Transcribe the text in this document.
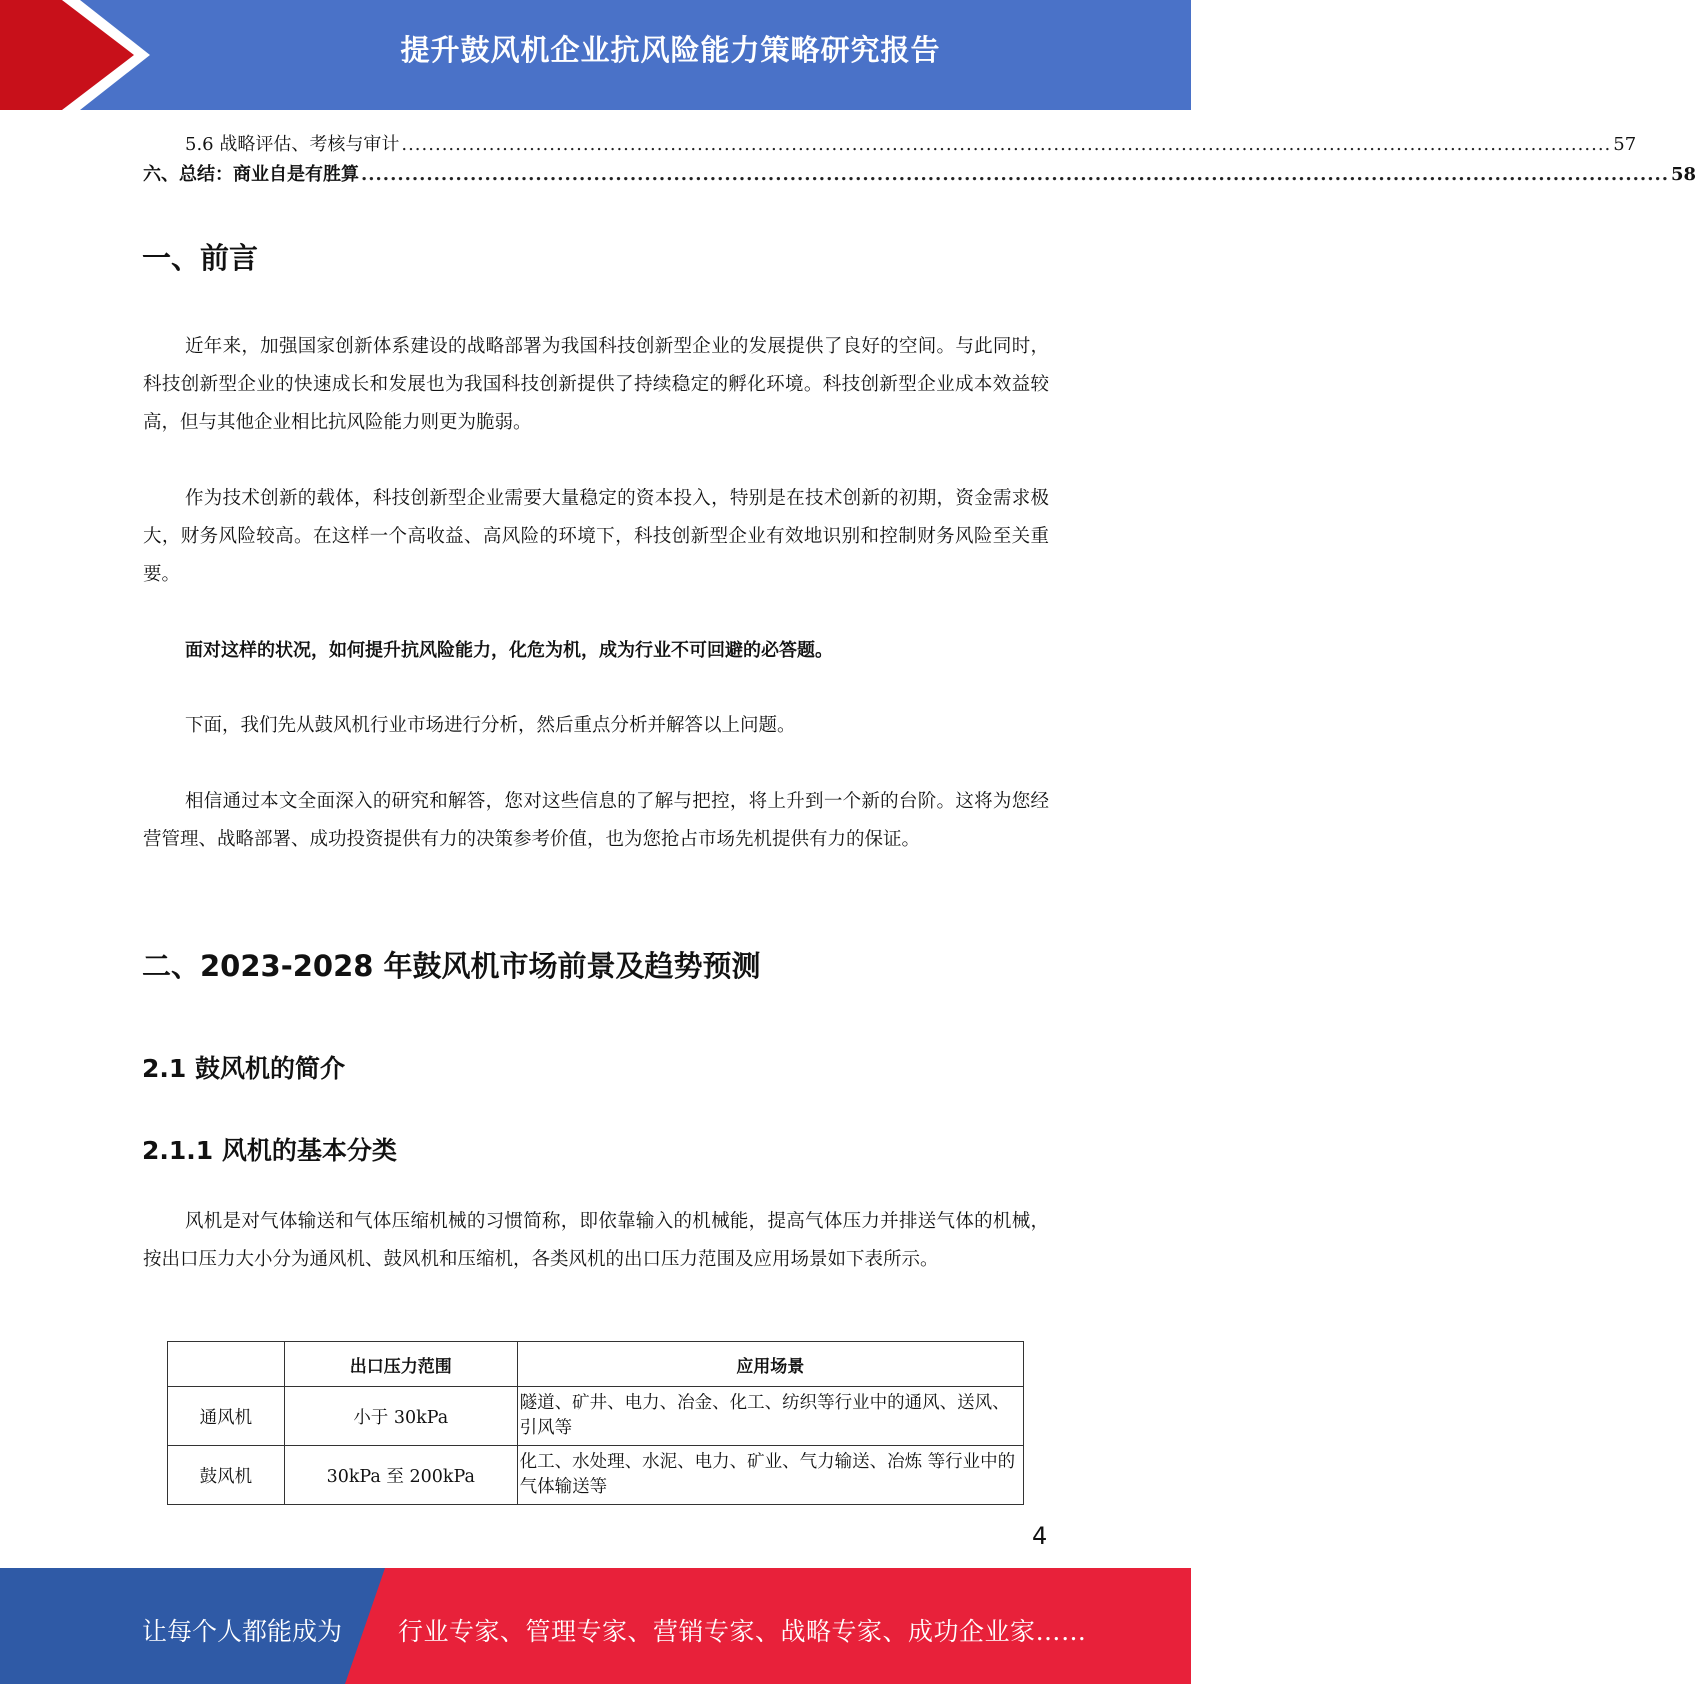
提升鼓风机企业抗风险能力策略研究报告
5.6 战略评估、考核与审计 .................................................................................................................................................................................... 57
六、总结：商业自是有胜算 .................................................................................................................................................................................... 58
一、前言

近年来，加强国家创新体系建设的战略部署为我国科技创新型企业的发展提供了良好的空间。与此同时，科技创新型企业的快速成长和发展也为我国科技创新提供了持续稳定的孵化环境。科技创新型企业成本效益较高，但与其他企业相比抗风险能力则更为脆弱。

作为技术创新的载体，科技创新型企业需要大量稳定的资本投入，特别是在技术创新的初期，资金需求极大，财务风险较高。在这样一个高收益、高风险的环境下，科技创新型企业有效地识别和控制财务风险至关重要。

面对这样的状况，如何提升抗风险能力，化危为机，成为行业不可回避的必答题。

下面，我们先从鼓风机行业市场进行分析，然后重点分析并解答以上问题。

相信通过本文全面深入的研究和解答，您对这些信息的了解与把控，将上升到一个新的台阶。这将为您经营管理、战略部署、成功投资提供有力的决策参考价值，也为您抢占市场先机提供有力的保证。

二、2023-2028 年鼓风机市场前景及趋势预测
2.1 鼓风机的简介
2.1.1 风机的基本分类

风机是对气体输送和气体压缩机械的习惯简称，即依靠输入的机械能，提高气体压力并排送气体的机械，按出口压力大小分为通风机、鼓风机和压缩机，各类风机的出口压力范围及应用场景如下表所示。

	出口压力范围	应用场景
通风机	小于 30kPa	隧道、矿井、电力、冶金、化工、纺织等行业中的通风、送风、引风等
鼓风机	30kPa 至 200kPa	化工、水处理、水泥、电力、矿业、气力输送、冶炼 等行业中的气体输送等
4
让每个人都能成为 行业专家、管理专家、营销专家、战略专家、成功企业家……
